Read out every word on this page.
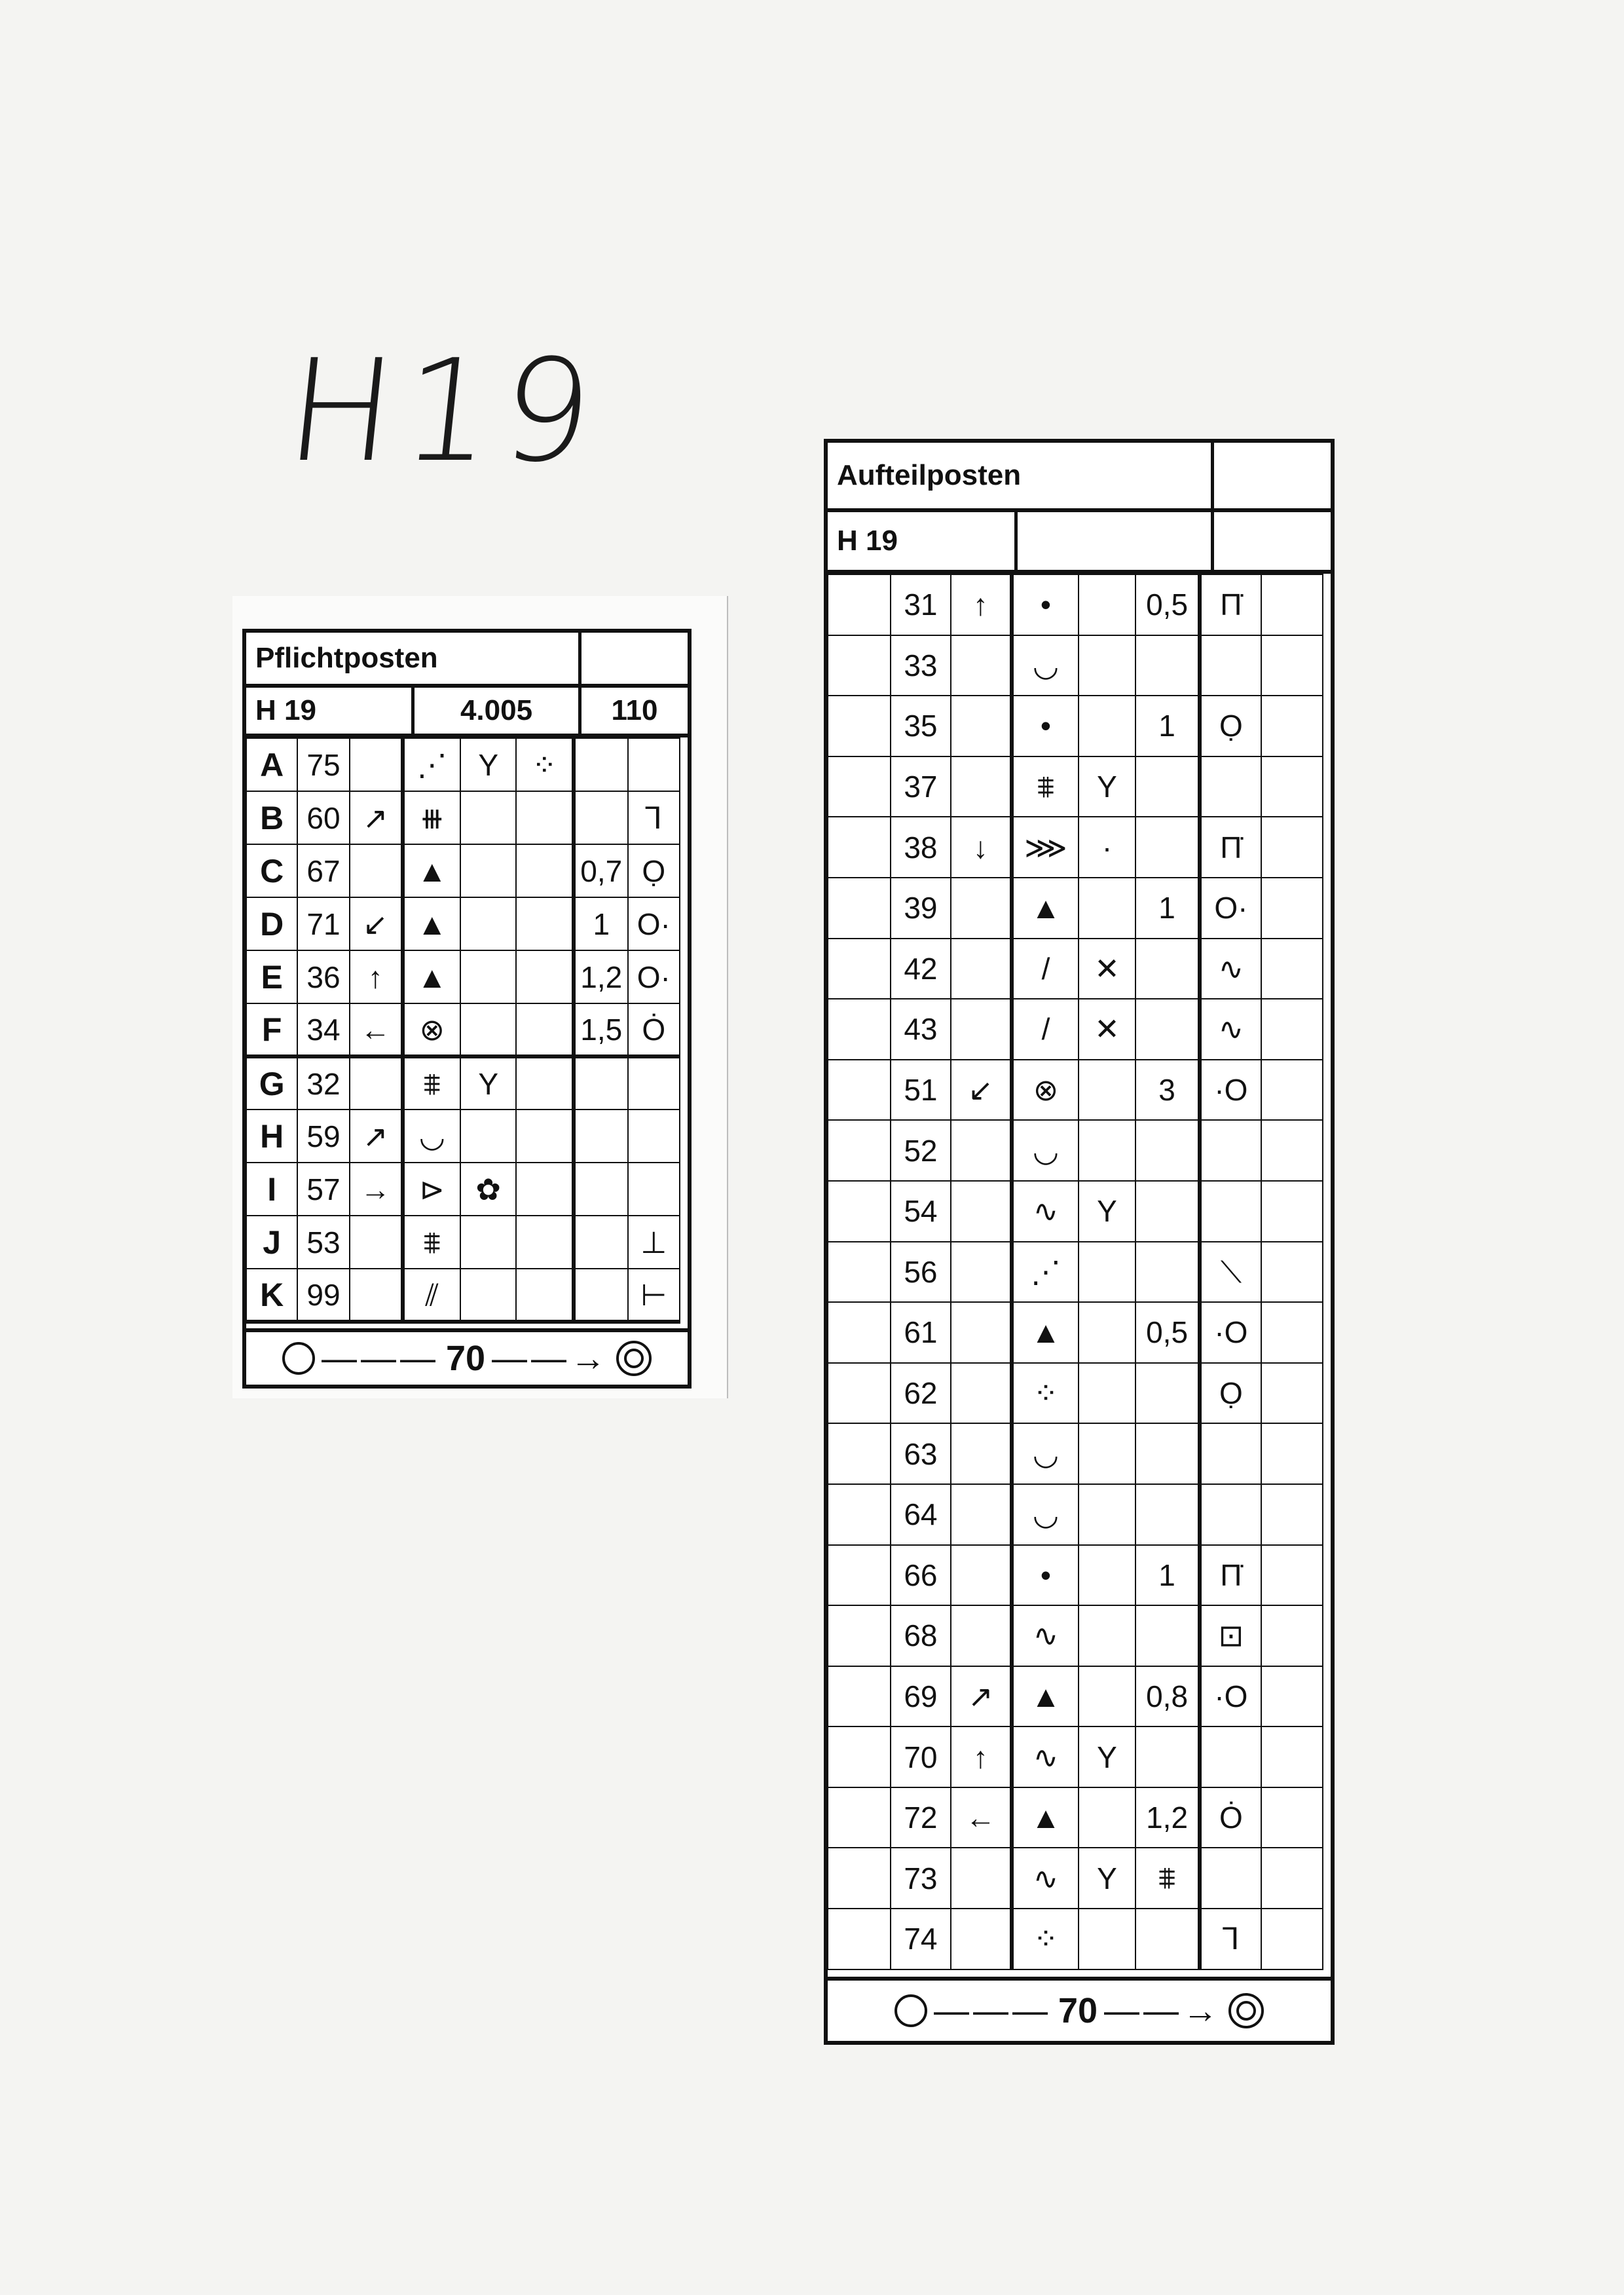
H19
Pflichtposten
H 19	4.005	110
A	75		⋰	Y	⁘		
B	60	↗	⧻				⅂
C	67		▲			0,7	Ọ
D	71	↙	▲			1	O·
E	36	↑	▲			1,2	O·
F	34	←	⊗			1,5	Ȯ
G	32		⩨	Y			
H	59	↗	◡				
I	57	→	⊳	✿			
J	53		⩨				⊥
K	99		⫽				⊢
——— 70 ——→
Aufteilposten
H 19
	31	↑	•		0,5	Π̇	
	33		◡				
	35		•		1	Ọ	
	37		⩨	Y			
	38	↓	⋙	·		Π̇	
	39		▲		1	O·	
	42		/	✕		∿	
	43		/	✕		∿	
	51	↙	⊗		3	·O	
	52		◡				
	54		∿	Y			
	56		⋰			⟍	
	61		▲		0,5	·O	
	62		⁘			Ọ	
	63		◡				
	64		◡				
	66		•		1	Π̇	
	68		∿			⊡	
	69	↗	▲		0,8	·O	
	70	↑	∿	Y			
	72	←	▲		1,2	Ȯ	
	73		∿	Y	⩨		
	74		⁘			⅂	
——— 70 ——→
